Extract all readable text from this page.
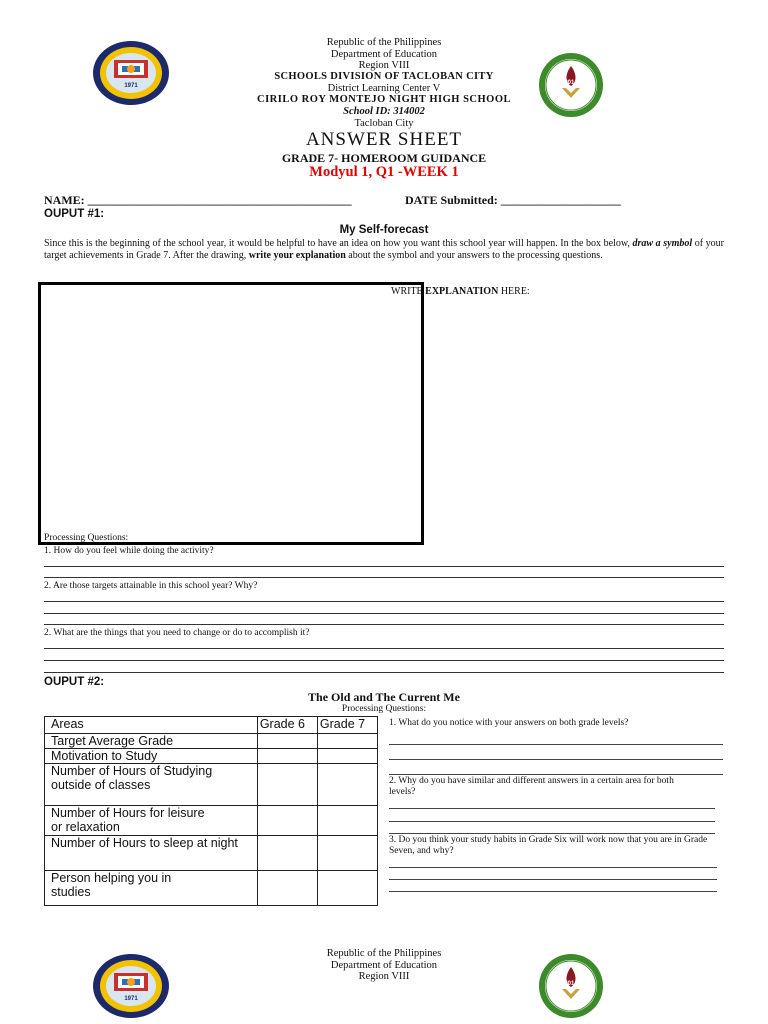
1971	2014
Republic of the Philippines
Department of Education
Region VIII
SCHOOLS DIVISION OF TACLOBAN CITY
District Learning Center V
CIRILO ROY MONTEJO NIGHT HIGH SCHOOL
School ID: 314002
Tacloban City
ANSWER SHEET
GRADE 7- HOMEROOM GUIDANCE
Modyul 1, Q1 -WEEK 1
NAME: ____________________________________________	DATE Submitted: ____________________
OUPUT #1:
My Self-forecast
Since this is the beginning of the school year, it would be helpful to have an idea on how you want this school year will happen. In the box below, draw a symbol of your target achievements in Grade 7. After the drawing, write your explanation about the symbol and your answers to the processing questions.
WRITE EXPLANATION HERE:
Processing Questions:
1. How do you feel while doing the activity?
2. Are those targets attainable in this school year? Why?
2. What are the things that you need to change or do to accomplish it?
OUPUT #2:
The Old and The Current Me
Processing Questions:
Areas	Grade 6	Grade 7
Target Average Grade		
Motivation to Study		
Number of Hours of Studying outside of classes		
Number of Hours for leisure or relaxation		
Number of Hours to sleep at night		
Person helping you in studies		
1. What do you notice with your answers on both grade levels?
2. Why do you have similar and different answers in a certain area for both levels?
3. Do you think your study habits in Grade Six will work now that you are in Grade Seven, and why?
1971
2014
Republic of the Philippines
Department of Education
Region VIII
